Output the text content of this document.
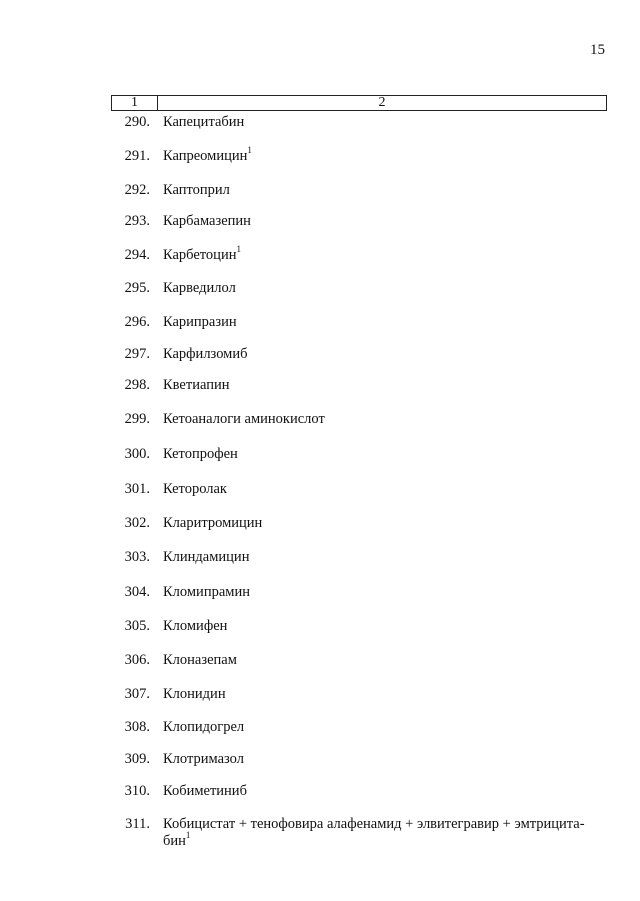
15
1	2
290. Капецитабин
291. Капреомицин$^1$
292. Каптоприл
293. Карбамазепин
294. Карбетоцин$^1$
295. Карведилол
296. Карипразин
297. Карфилзомиб
298. Кветиапин
299. Кетоаналоги аминокислот
300. Кетопрофен
301. Кеторолак
302. Кларитромицин
303. Клиндамицин
304. Кломипрамин
305. Кломифен
306. Клоназепам
307. Клонидин
308. Клопидогрел
309. Клотримазол
310. Кобиметиниб
311. Кобицистат + тенофовира алафенамид + элвитегравир + эмтрицита-
бин$^1$
